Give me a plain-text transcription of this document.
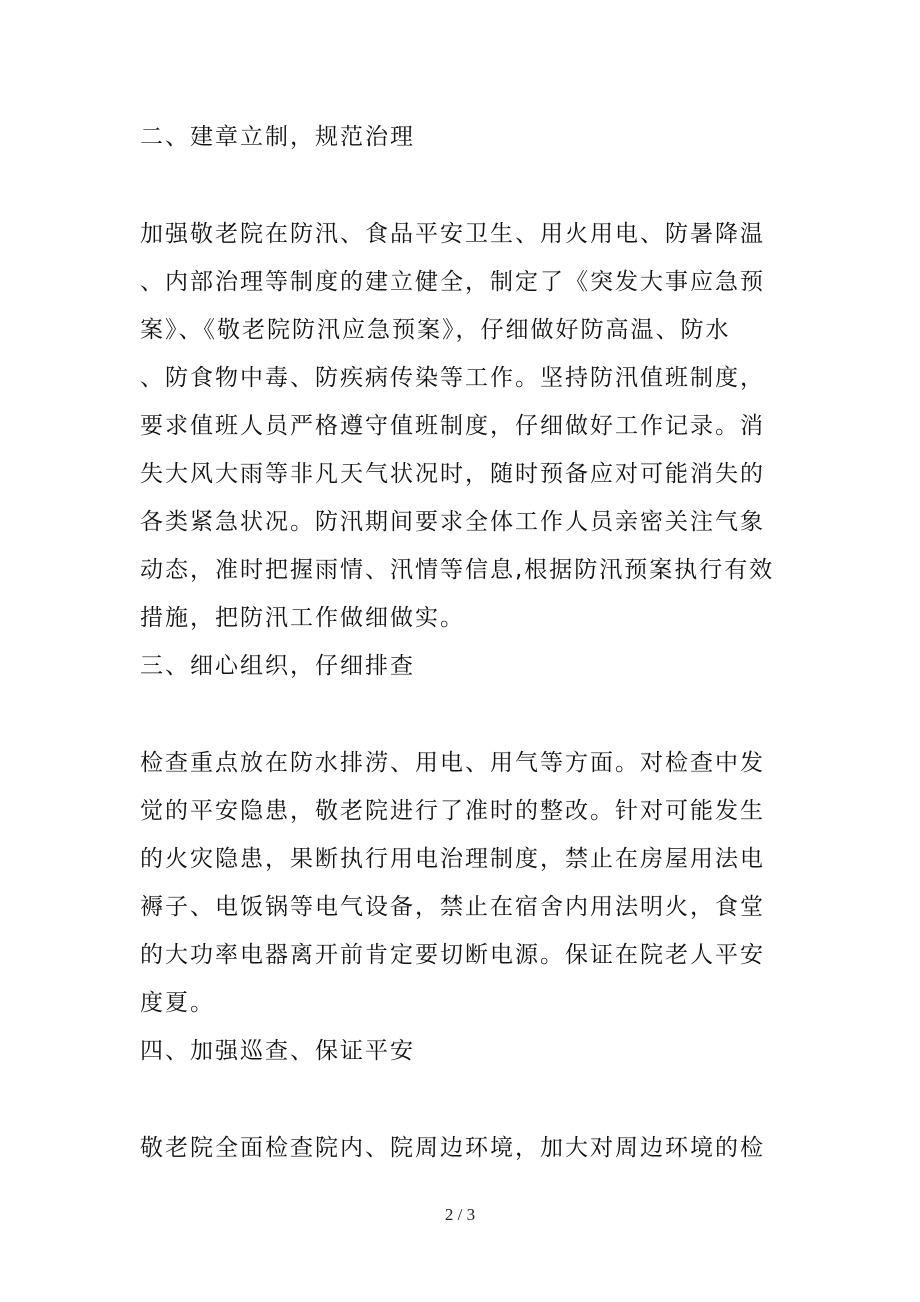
二、建章立制，规范治理
加强敬老院在防汛、食品平安卫生、用火用电、防暑降温
、内部治理等制度的建立健全，制定了《突发大事应急预
案》、《敬老院防汛应急预案》，仔细做好防高温、防水
、防食物中毒、防疾病传染等工作。坚持防汛值班制度，
要求值班人员严格遵守值班制度，仔细做好工作记录。消
失大风大雨等非凡天气状况时，随时预备应对可能消失的
各类紧急状况。防汛期间要求全体工作人员亲密关注气象
动态，准时把握雨情、汛情等信息,根据防汛预案执行有效
措施，把防汛工作做细做实。
三、细心组织，仔细排查
检查重点放在防水排涝、用电、用气等方面。对检查中发
觉的平安隐患，敬老院进行了准时的整改。针对可能发生
的火灾隐患，果断执行用电治理制度，禁止在房屋用法电
褥子、电饭锅等电气设备，禁止在宿舍内用法明火，食堂
的大功率电器离开前肯定要切断电源。保证在院老人平安
度夏。
四、加强巡查、保证平安
敬老院全面检查院内、院周边环境，加大对周边环境的检
2 / 3
